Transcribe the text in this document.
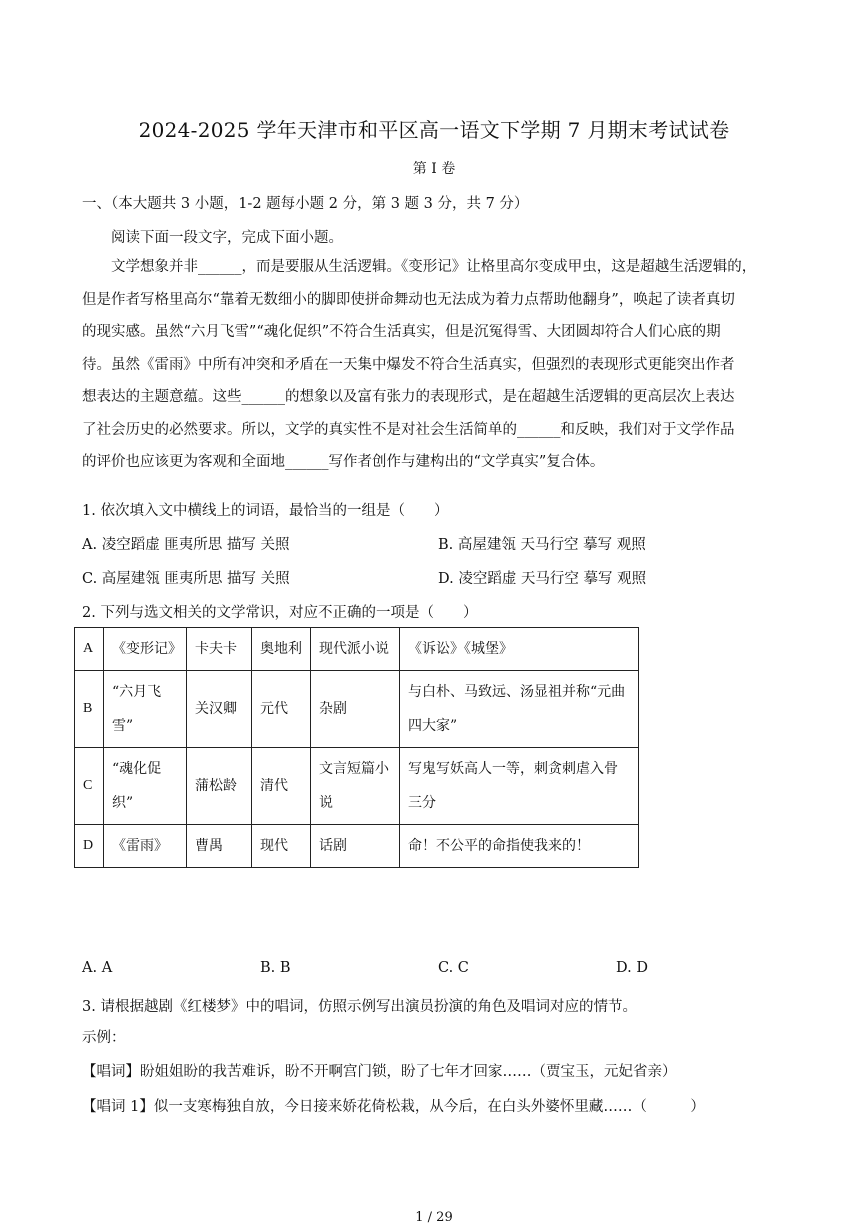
2024-2025 学年天津市和平区高一语文下学期 7 月期末考试试卷
第 I 卷
一、（本大题共 3 小题，1-2 题每小题 2 分，第 3 题 3 分，共 7 分）
阅读下面一段文字，完成下面小题。
文学想象并非______，而是要服从生活逻辑。《变形记》让格里高尔变成甲虫，这是超越生活逻辑的，
但是作者写格里高尔“靠着无数细小的脚即使拼命舞动也无法成为着力点帮助他翻身”，唤起了读者真切
的现实感。虽然“六月飞雪”“魂化促织”不符合生活真实，但是沉冤得雪、大团圆却符合人们心底的期
待。虽然《雷雨》中所有冲突和矛盾在一天集中爆发不符合生活真实，但强烈的表现形式更能突出作者
想表达的主题意蕴。这些______的想象以及富有张力的表现形式，是在超越生活逻辑的更高层次上表达
了社会历史的必然要求。所以，文学的真实性不是对社会生活简单的______和反映，我们对于文学作品
的评价也应该更为客观和全面地______写作者创作与建构出的“文学真实”复合体。
1. 依次填入文中横线上的词语，最恰当的一组是（　　）
A. 凌空蹈虚 匪夷所思 描写 关照	B. 高屋建瓴 天马行空 摹写 观照
C. 高屋建瓴 匪夷所思 描写 关照	D. 凌空蹈虚 天马行空 摹写 观照
2. 下列与选文相关的文学常识，对应不正确的一项是（　　）
A	《变形记》	卡夫卡	奥地利	现代派小说	《诉讼》《城堡》
B	“六月飞雪”	关汉卿	元代	杂剧	与白朴、马致远、汤显祖并称“元曲四大家”
C	“魂化促织”	蒲松龄	清代	文言短篇小说	写鬼写妖高人一等，刺贪刺虐入骨三分
D	《雷雨》	曹禺	现代	话剧	命！不公平的命指使我来的！
A. A	B. B	C. C	D. D
3. 请根据越剧《红楼梦》中的唱词，仿照示例写出演员扮演的角色及唱词对应的情节。
示例：
【唱词】盼姐姐盼的我苦难诉，盼不开啊宫门锁，盼了七年才回家……（贾宝玉，元妃省亲）
【唱词 1】似一支寒梅独自放，今日接来娇花倚松栽，从今后，在白头外婆怀里藏……（　　　）
1 / 29
